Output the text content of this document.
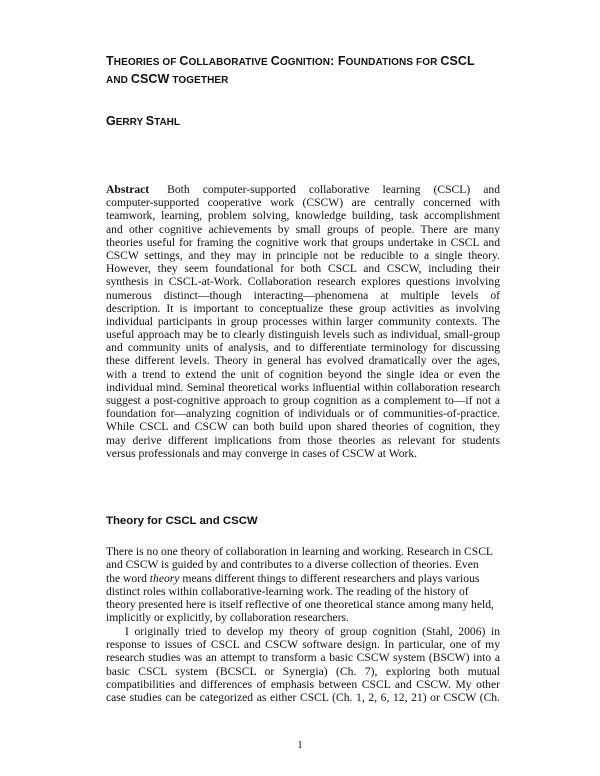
THEORIES OF COLLABORATIVE COGNITION: FOUNDATIONS FOR CSCL
AND CSCW TOGETHER
GERRY STAHL
Abstract Both computer-supported collaborative learning (CSCL) and
computer-supported cooperative work (CSCW) are centrally concerned with
teamwork, learning, problem solving, knowledge building, task accomplishment
and other cognitive achievements by small groups of people. There are many
theories useful for framing the cognitive work that groups undertake in CSCL and
CSCW settings, and they may in principle not be reducible to a single theory.
However, they seem foundational for both CSCL and CSCW, including their
synthesis in CSCL-at-Work. Collaboration research explores questions involving
numerous distinct—though interacting—phenomena at multiple levels of
description. It is important to conceptualize these group activities as involving
individual participants in group processes within larger community contexts. The
useful approach may be to clearly distinguish levels such as individual, small-group
and community units of analysis, and to differentiate terminology for discussing
these different levels. Theory in general has evolved dramatically over the ages,
with a trend to extend the unit of cognition beyond the single idea or even the
individual mind. Seminal theoretical works influential within collaboration research
suggest a post-cognitive approach to group cognition as a complement to—if not a
foundation for—analyzing cognition of individuals or of communities-of-practice.
While CSCL and CSCW can both build upon shared theories of cognition, they
may derive different implications from those theories as relevant for students
versus professionals and may converge in cases of CSCW at Work.
Theory for CSCL and CSCW
There is no one theory of collaboration in learning and working. Research in CSCL
and CSCW is guided by and contributes to a diverse collection of theories. Even
the word theory means different things to different researchers and plays various
distinct roles within collaborative-learning work. The reading of the history of
theory presented here is itself reflective of one theoretical stance among many held,
implicitly or explicitly, by collaboration researchers.
I originally tried to develop my theory of group cognition (Stahl, 2006) in
response to issues of CSCL and CSCW software design. In particular, one of my
research studies was an attempt to transform a basic CSCW system (BSCW) into a
basic CSCL system (BCSCL or Synergia) (Ch. 7), exploring both mutual
compatibilities and differences of emphasis between CSCL and CSCW. My other
case studies can be categorized as either CSCL (Ch. 1, 2, 6, 12, 21) or CSCW (Ch.
1
